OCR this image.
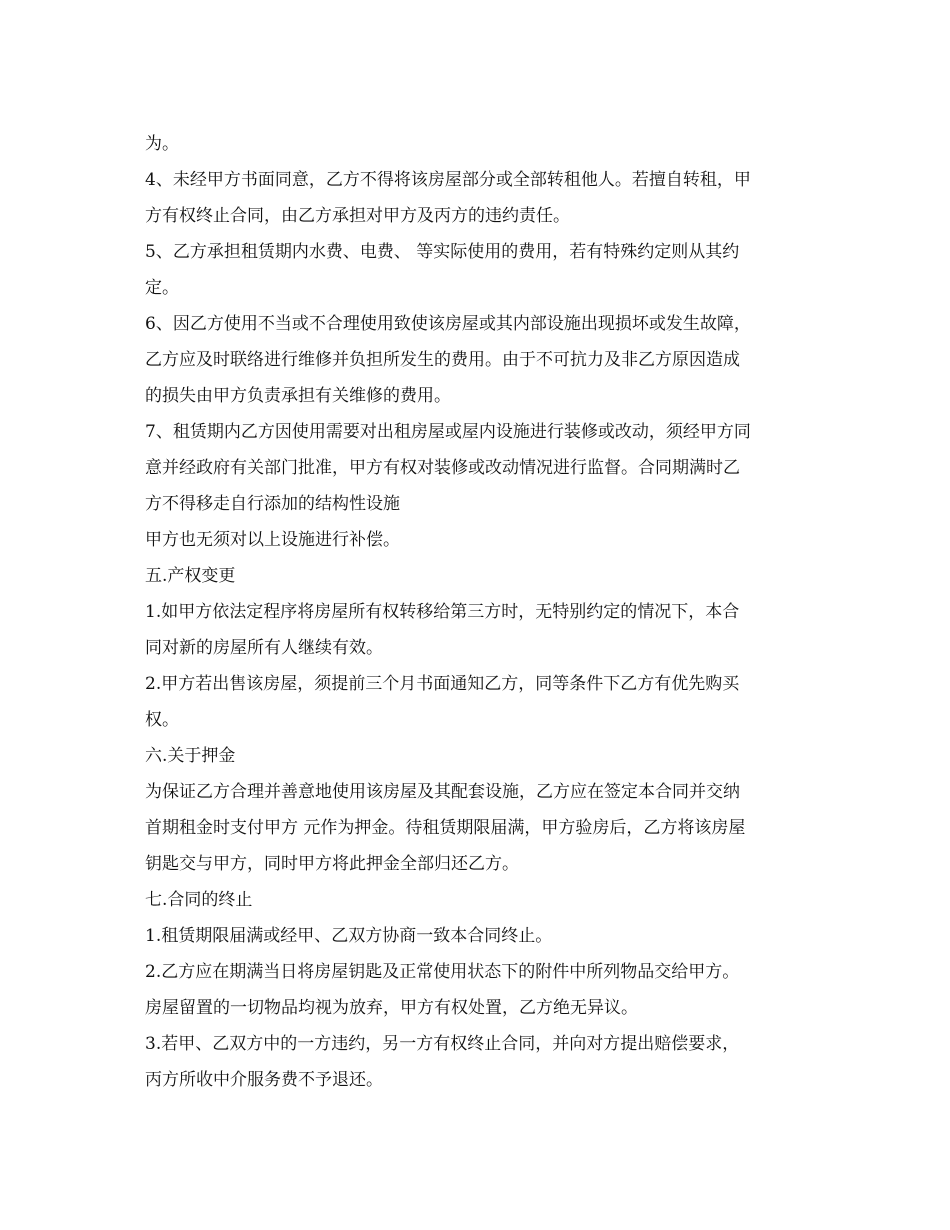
为。
4、未经甲方书面同意，乙方不得将该房屋部分或全部转租他人。若擅自转租，甲
方有权终止合同，由乙方承担对甲方及丙方的违约责任。
5、乙方承担租赁期内水费、电费、 等实际使用的费用，若有特殊约定则从其约
定。
6、因乙方使用不当或不合理使用致使该房屋或其内部设施出现损坏或发生故障，
乙方应及时联络进行维修并负担所发生的费用。由于不可抗力及非乙方原因造成
的损失由甲方负责承担有关维修的费用。
7、租赁期内乙方因使用需要对出租房屋或屋内设施进行装修或改动，须经甲方同
意并经政府有关部门批准，甲方有权对装修或改动情况进行监督。合同期满时乙
方不得移走自行添加的结构性设施
甲方也无须对以上设施进行补偿。
五.产权变更
1.如甲方依法定程序将房屋所有权转移给第三方时，无特别约定的情况下，本合
同对新的房屋所有人继续有效。
2.甲方若出售该房屋，须提前三个月书面通知乙方，同等条件下乙方有优先购买
权。
六.关于押金
为保证乙方合理并善意地使用该房屋及其配套设施，乙方应在签定本合同并交纳
首期租金时支付甲方 元作为押金。待租赁期限届满，甲方验房后，乙方将该房屋
钥匙交与甲方，同时甲方将此押金全部归还乙方。
七.合同的终止
1.租赁期限届满或经甲、乙双方协商一致本合同终止。
2.乙方应在期满当日将房屋钥匙及正常使用状态下的附件中所列物品交给甲方。
房屋留置的一切物品均视为放弃，甲方有权处置，乙方绝无异议。
3.若甲、乙双方中的一方违约，另一方有权终止合同，并向对方提出赔偿要求，
丙方所收中介服务费不予退还。
